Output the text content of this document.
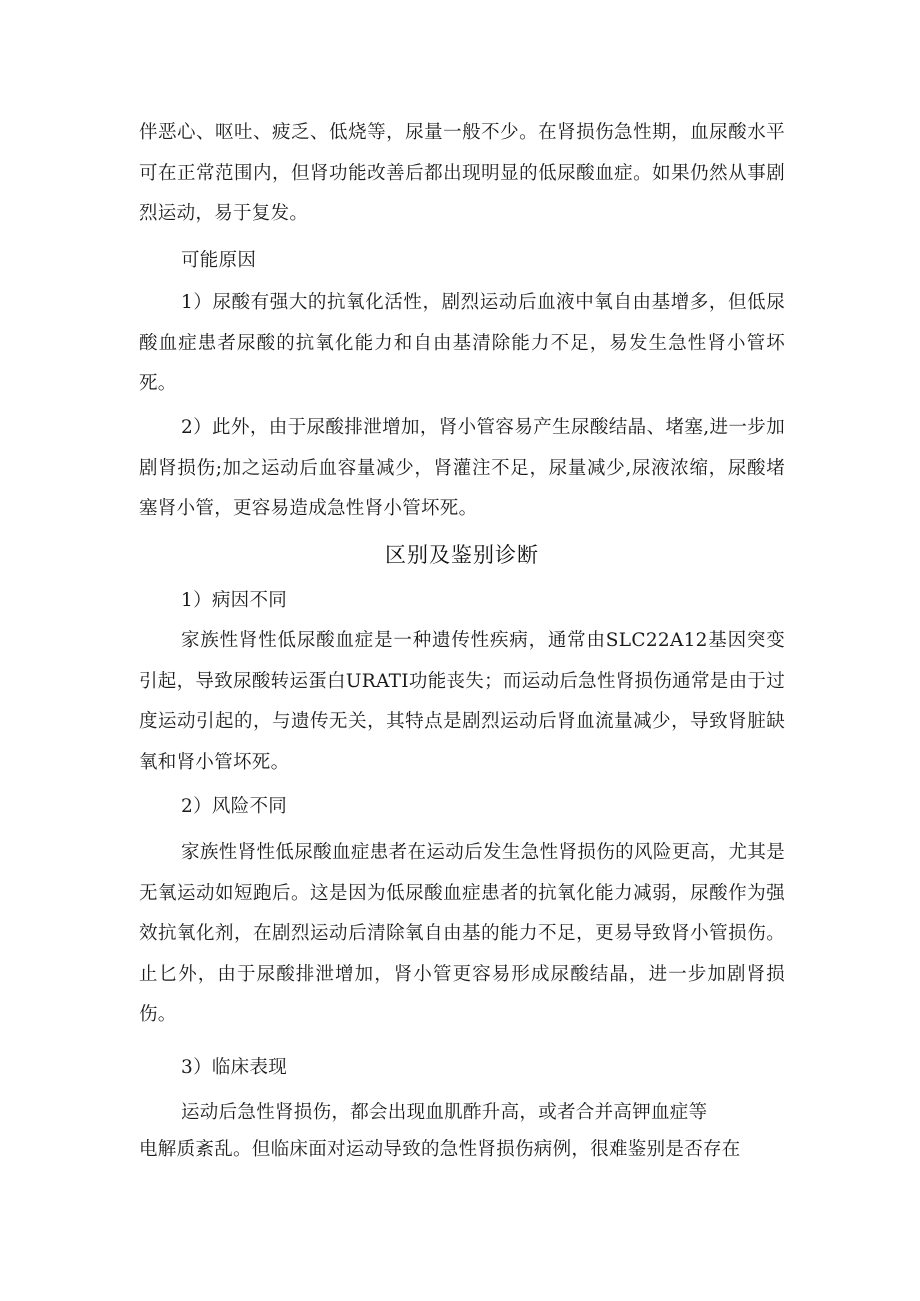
伴恶心、呕吐、疲乏、低烧等，尿量一般不少。在肾损伤急性期，血尿酸水平可在正常范围内，但肾功能改善后都出现明显的低尿酸血症。如果仍然从事剧烈运动，易于复发。

可能原因

1）尿酸有强大的抗氧化活性，剧烈运动后血液中氧自由基增多，但低尿酸血症患者尿酸的抗氧化能力和自由基清除能力不足，易发生急性肾小管坏死。

2）此外，由于尿酸排泄增加，肾小管容易产生尿酸结晶、堵塞,进一步加剧肾损伤;加之运动后血容量减少，肾灌注不足，尿量减少,尿液浓缩，尿酸堵塞肾小管，更容易造成急性肾小管坏死。

区别及鉴别诊断

1）病因不同

家族性肾性低尿酸血症是一种遗传性疾病，通常由SLC22A12基因突变引起，导致尿酸转运蛋白URATI功能丧失；而运动后急性肾损伤通常是由于过度运动引起的，与遗传无关，其特点是剧烈运动后肾血流量减少，导致肾脏缺氧和肾小管坏死。

2）风险不同

家族性肾性低尿酸血症患者在运动后发生急性肾损伤的风险更高，尤其是无氧运动如短跑后。这是因为低尿酸血症患者的抗氧化能力减弱，尿酸作为强效抗氧化剂，在剧烈运动后清除氧自由基的能力不足，更易导致肾小管损伤。止匕外，由于尿酸排泄增加，肾小管更容易形成尿酸结晶，进一步加剧肾损伤。

3）临床表现

运动后急性肾损伤，都会出现血肌酢升高，或者合并高钾血症等

电解质紊乱。但临床面对运动导致的急性肾损伤病例，很难鉴别是否存在
